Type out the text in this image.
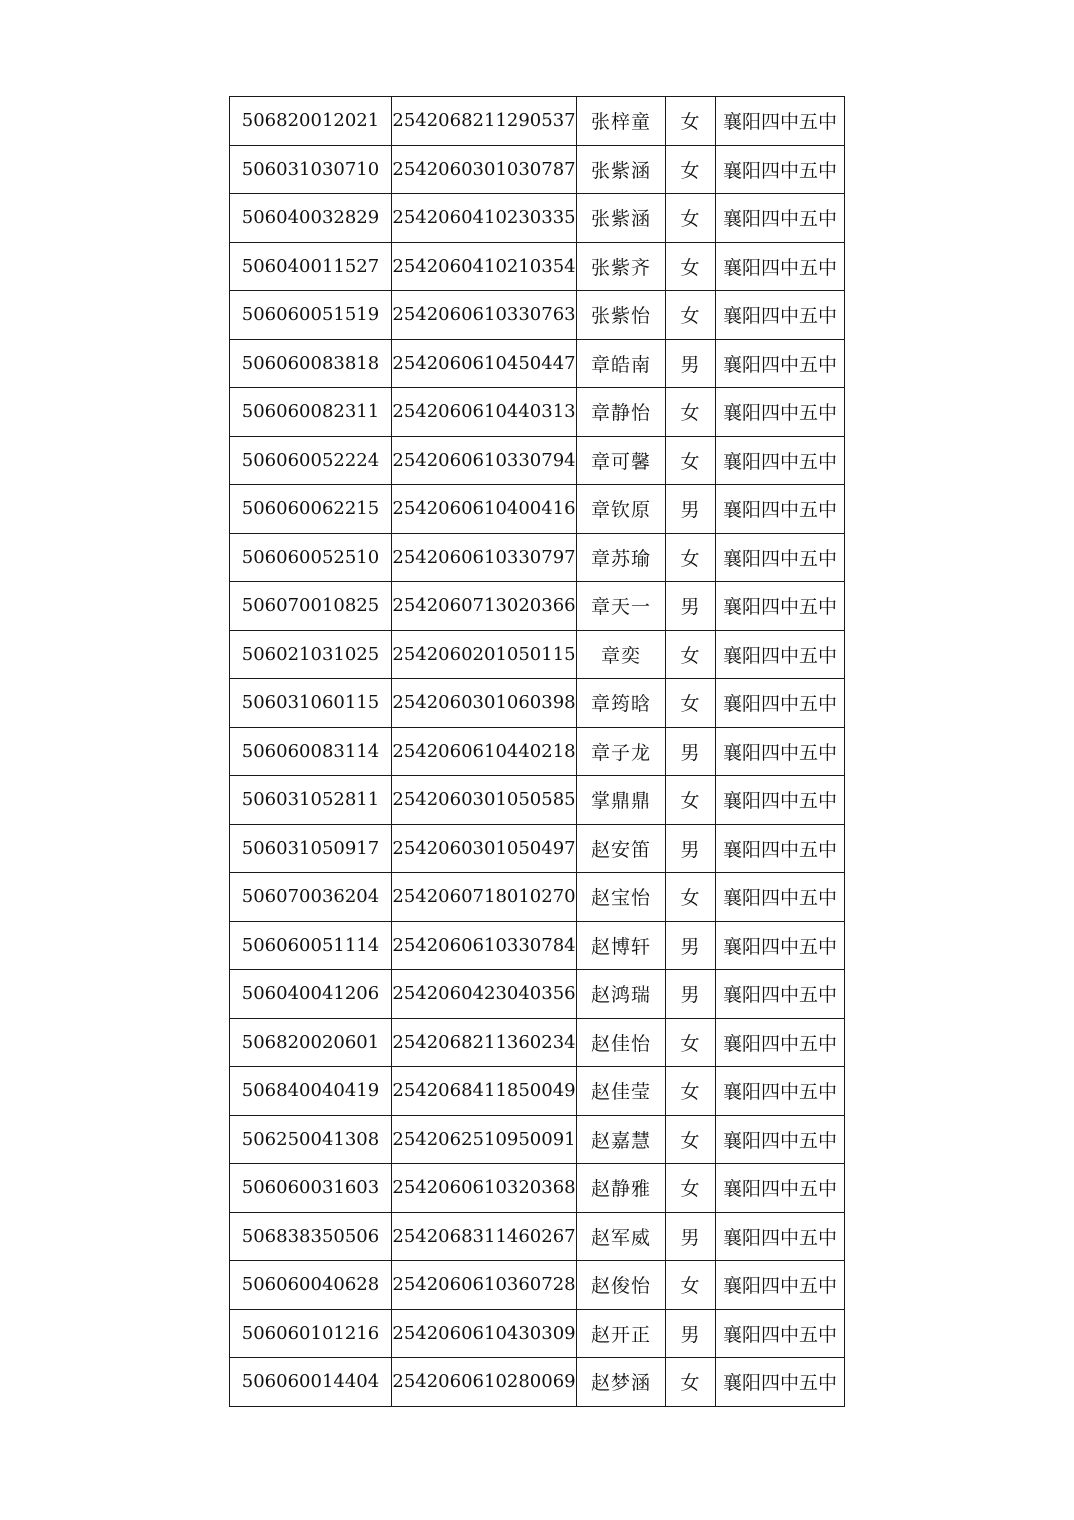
506820012021	2542068211290537	张梓童	女	襄阳四中五中
506031030710	2542060301030787	张紫涵	女	襄阳四中五中
506040032829	2542060410230335	张紫涵	女	襄阳四中五中
506040011527	2542060410210354	张紫齐	女	襄阳四中五中
506060051519	2542060610330763	张紫怡	女	襄阳四中五中
506060083818	2542060610450447	章皓南	男	襄阳四中五中
506060082311	2542060610440313	章静怡	女	襄阳四中五中
506060052224	2542060610330794	章可馨	女	襄阳四中五中
506060062215	2542060610400416	章钦原	男	襄阳四中五中
506060052510	2542060610330797	章苏瑜	女	襄阳四中五中
506070010825	2542060713020366	章天一	男	襄阳四中五中
506021031025	2542060201050115	章奕	女	襄阳四中五中
506031060115	2542060301060398	章筠晗	女	襄阳四中五中
506060083114	2542060610440218	章子龙	男	襄阳四中五中
506031052811	2542060301050585	掌鼎鼎	女	襄阳四中五中
506031050917	2542060301050497	赵安笛	男	襄阳四中五中
506070036204	2542060718010270	赵宝怡	女	襄阳四中五中
506060051114	2542060610330784	赵博轩	男	襄阳四中五中
506040041206	2542060423040356	赵鸿瑞	男	襄阳四中五中
506820020601	2542068211360234	赵佳怡	女	襄阳四中五中
506840040419	2542068411850049	赵佳莹	女	襄阳四中五中
506250041308	2542062510950091	赵嘉慧	女	襄阳四中五中
506060031603	2542060610320368	赵静雅	女	襄阳四中五中
506838350506	2542068311460267	赵军威	男	襄阳四中五中
506060040628	2542060610360728	赵俊怡	女	襄阳四中五中
506060101216	2542060610430309	赵开正	男	襄阳四中五中
506060014404	2542060610280069	赵梦涵	女	襄阳四中五中
